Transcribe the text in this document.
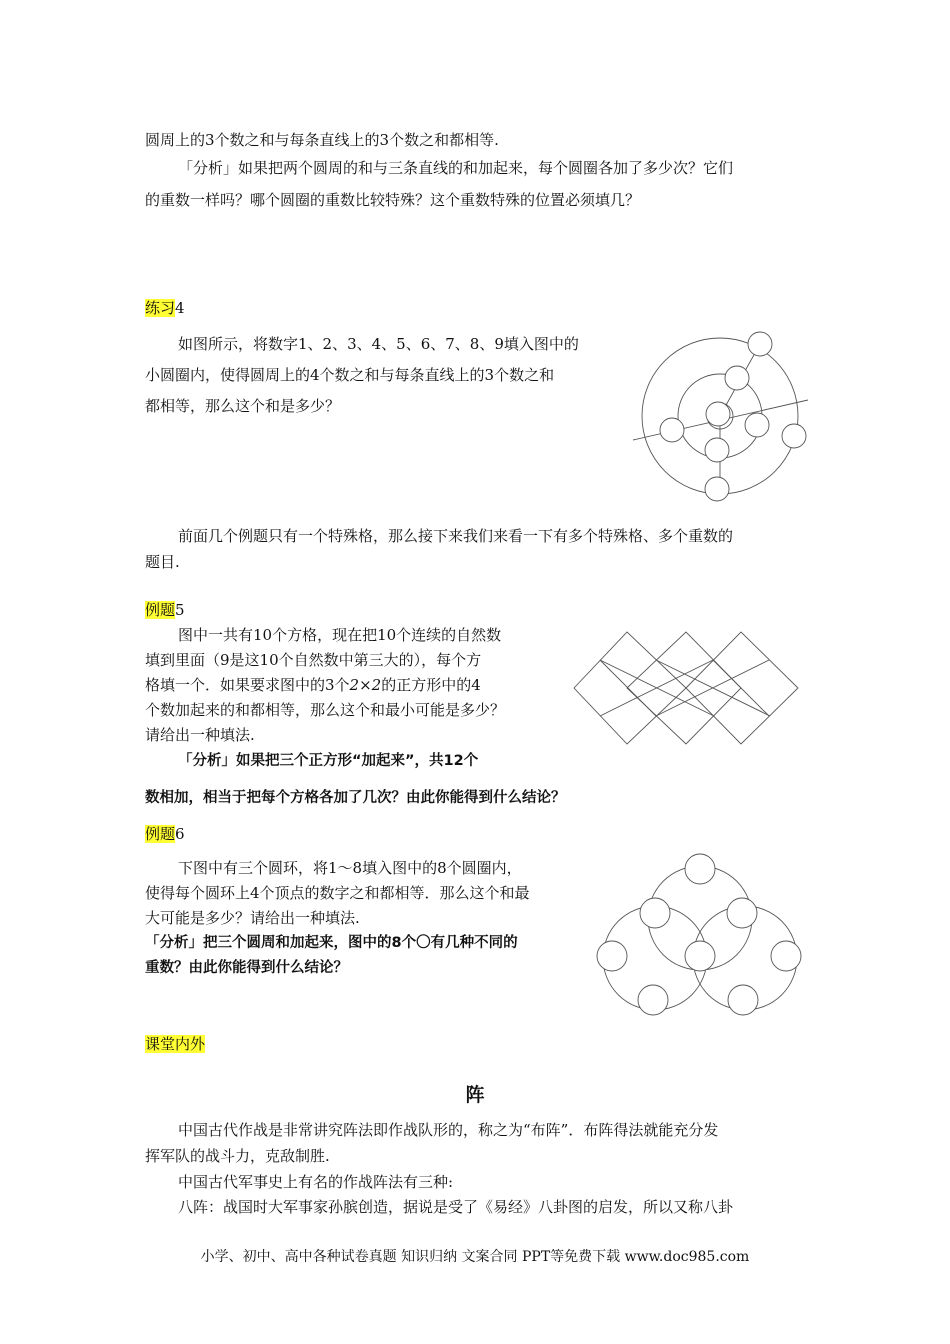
圆周上的3个数之和与每条直线上的3个数之和都相等.
「分析」如果把两个圆周的和与三条直线的和加起来，每个圆圈各加了多少次？它们
的重数一样吗？哪个圆圈的重数比较特殊？这个重数特殊的位置必须填几？
练习4
如图所示，将数字1、2、3、4、5、6、7、8、9填入图中的
小圆圈内，使得圆周上的4个数之和与每条直线上的3个数之和
都相等，那么这个和是多少？
前面几个例题只有一个特殊格，那么接下来我们来看一下有多个特殊格、多个重数的
题目.
例题5
图中一共有10个方格，现在把10个连续的自然数
填到里面（9是这10个自然数中第三大的），每个方
格填一个．如果要求图中的3个2×2的正方形中的4
个数加起来的和都相等，那么这个和最小可能是多少？
请给出一种填法.
「分析」如果把三个正方形“加起来”，共12个
数相加，相当于把每个方格各加了几次？由此你能得到什么结论？
例题6
下图中有三个圆环，将1～8填入图中的8个圆圈内，
使得每个圆环上4个顶点的数字之和都相等．那么这个和最
大可能是多少？请给出一种填法.
「分析」把三个圆周和加起来，图中的8个〇有几种不同的
重数？由此你能得到什么结论？
课堂内外
阵
中国古代作战是非常讲究阵法即作战队形的，称之为“布阵”．布阵得法就能充分发
挥军队的战斗力，克敌制胜.
中国古代军事史上有名的作战阵法有三种:
八阵：战国时大军事家孙膑创造，据说是受了《易经》八卦图的启发，所以又称八卦
小学、初中、高中各种试卷真题 知识归纳 文案合同 PPT等免费下载 www.doc985.com
